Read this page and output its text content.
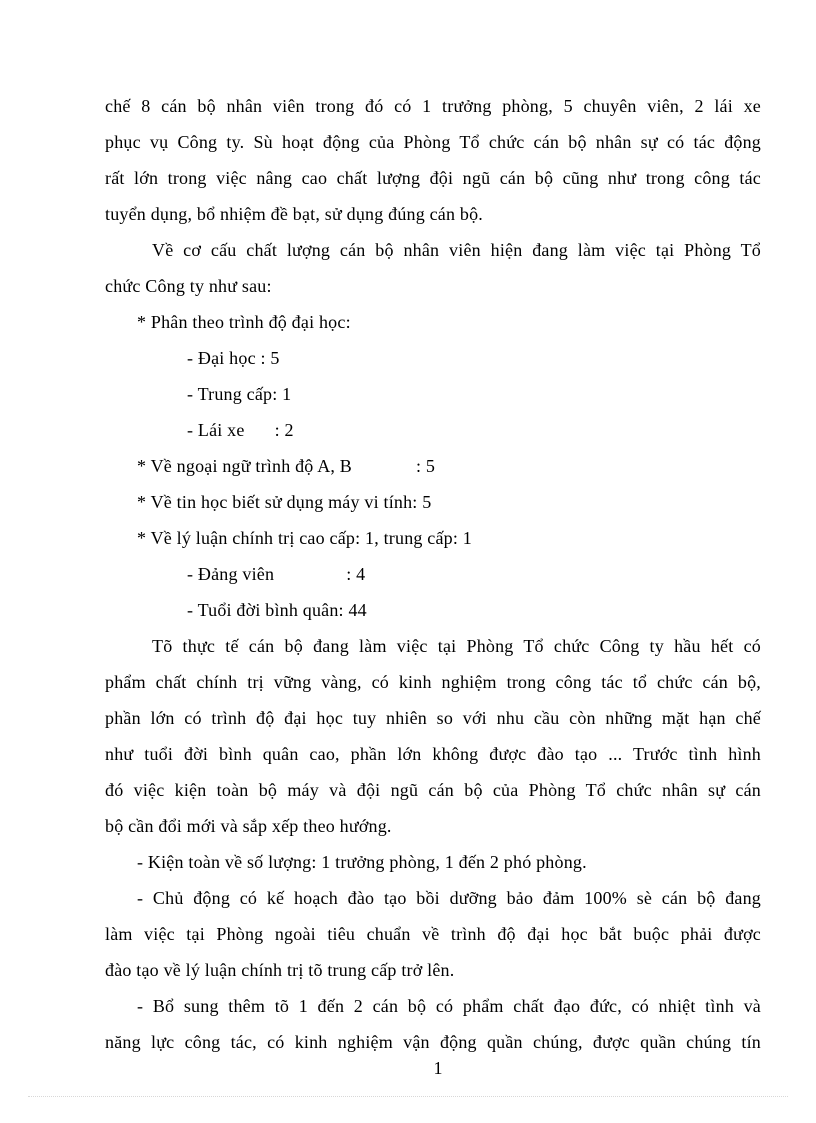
chế 8 cán bộ nhân viên trong đó có 1 trưởng phòng, 5 chuyên viên, 2 lái xe
phục vụ Công ty. Sù hoạt động của Phòng Tổ chức cán bộ nhân sự có tác động
rất lớn trong việc nâng cao chất lượng đội ngũ cán bộ cũng như trong công tác
tuyển dụng, bổ nhiệm đề bạt, sử dụng đúng cán bộ.
Về cơ cấu chất lượng cán bộ nhân viên hiện đang làm việc tại Phòng Tổ
chức Công ty như sau:
* Phân theo trình độ đại học:
- Đại học : 5
- Trung cấp: 1
- Lái xe : 2
* Về ngoại ngữ trình độ A, B	: 5
* Về tin học biết sử dụng máy vi tính: 5
* Về lý luận chính trị cao cấp: 1, trung cấp: 1
- Đảng viên	: 4
- Tuổi đời bình quân: 44
Tõ thực tế cán bộ đang làm việc tại Phòng Tổ chức Công ty hầu hết có
phẩm chất chính trị vững vàng, có kinh nghiệm trong công tác tổ chức cán bộ,
phần lớn có trình độ đại học tuy nhiên so với nhu cầu còn những mặt hạn chế
như tuổi đời bình quân cao, phần lớn không được đào tạo ... Trước tình hình
đó việc kiện toàn bộ máy và đội ngũ cán bộ của Phòng Tổ chức nhân sự cán
bộ cần đổi mới và sắp xếp theo hướng.
- Kiện toàn về số lượng: 1 trưởng phòng, 1 đến 2 phó phòng.
- Chủ động có kế hoạch đào tạo bồi dưỡng bảo đảm 100% sè cán bộ đang
làm việc tại Phòng ngoài tiêu chuẩn về trình độ đại học bắt buộc phải được
đào tạo về lý luận chính trị tõ trung cấp trở lên.
- Bổ sung thêm tõ 1 đến 2 cán bộ có phẩm chất đạo đức, có nhiệt tình và
năng lực công tác, có kinh nghiệm vận động quần chúng, được quần chúng tín
1
